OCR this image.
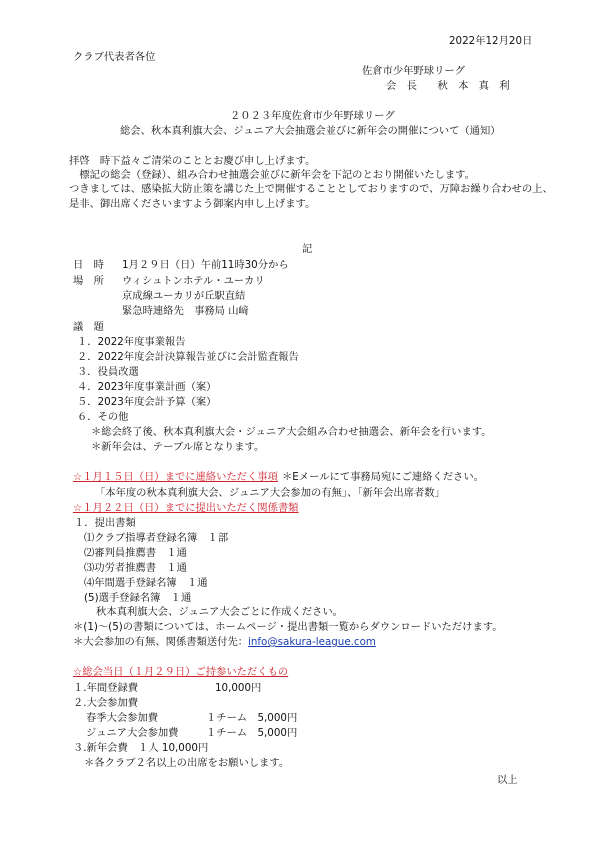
2022年12月20日
クラブ代表者各位
佐倉市少年野球リーグ
会　長　　秋　本　真　利
２０２３年度佐倉市少年野球リーグ
総会、秋本真利旗大会、ジュニア大会抽選会並びに新年会の開催について（通知）
拝啓　時下益々ご清栄のこととお慶び申し上げます。
　標記の総会（登録）、組み合わせ抽選会並びに新年会を下記のとおり開催いたします。
つきましては、感染拡大防止策を講じた上で開催することとしておりますので、万障お繰り合わせの上、
是非、御出席くださいますよう御案内申し上げます。
記
日　時 1月２９日（日）午前11時30分から
場　所 ウィシュトンホテル・ユーカリ
京成線ユーカリが丘駅直結
緊急時連絡先　事務局 山﨑
議　題
１．2022年度事業報告
２．2022年度会計決算報告並びに会計監査報告
３．役員改選
４．2023年度事業計画（案）
５．2023年度会計予算（案）
６．その他
＊総会終了後、秋本真利旗大会・ジュニア大会組み合わせ抽選会、新年会を行います。
＊新年会は、テーブル席となります。
☆１月１５日（日）までに連絡いただく事項 ＊Eメールにて事務局宛にご連絡ください。
「本年度の秋本真利旗大会、ジュニア大会参加の有無」、「新年会出席者数」
☆１月２２日（日）までに提出いただく関係書類
１．提出書類
⑴クラブ指導者登録名簿　１部
⑵審判員推薦書　１通
⑶功労者推薦書　１通
⑷年間選手登録名簿　１通
(5)選手登録名簿　１通
秋本真利旗大会、ジュニア大会ごとに作成ください。
＊(1)～(5)の書類については、ホームページ・提出書類一覧からダウンロードいただけます。
＊大会参加の有無、関係書類送付先：info@sakura-league.com
☆総会当日（１月２９日）ご持参いただくもの
１.年間登録費	10,000円
２.大会参加費
春季大会参加費	１チーム　5,000円
ジュニア大会参加費	１チーム　5,000円
３.新年会費　１人 10,000円
＊各クラブ２名以上の出席をお願いします。
以上
